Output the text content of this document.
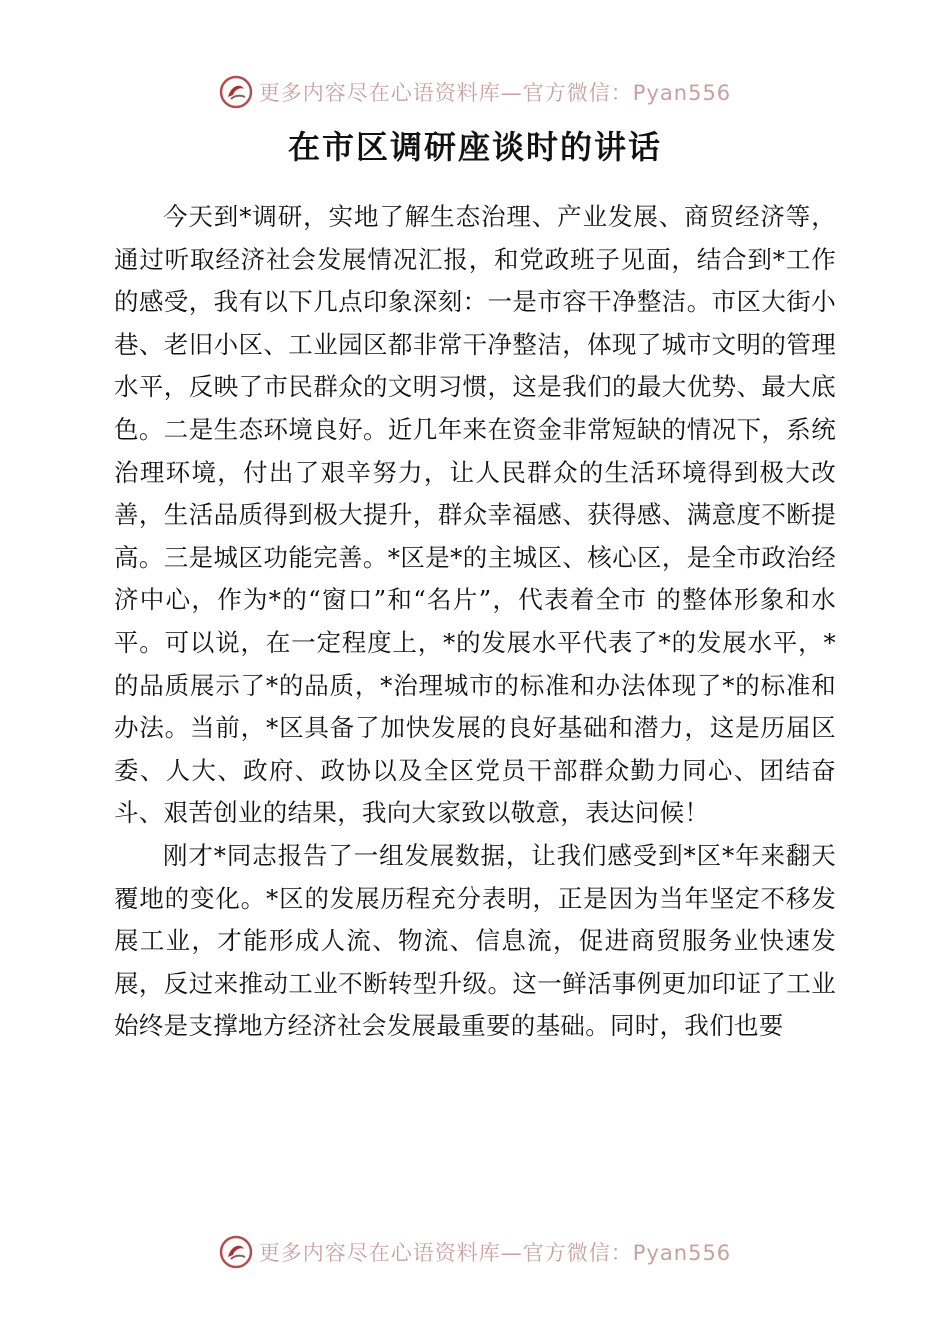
更多内容尽在心语资料库—官方微信：Pyan556
在市区调研座谈时的讲话

今天到*调研，实地了解生态治理、产业发展、商贸经济等，通过听取经济社会发展情况汇报，和党政班子见面，结合到*工作的感受，我有以下几点印象深刻：一是市容干净整洁。市区大街小巷、老旧小区、工业园区都非常干净整洁，体现了城市文明的管理水平，反映了市民群众的文明习惯，这是我们的最大优势、最大底色。二是生态环境良好。近几年来在资金非常短缺的情况下，系统治理环境，付出了艰辛努力，让人民群众的生活环境得到极大改善，生活品质得到极大提升，群众幸福感、获得感、满意度不断提高。三是城区功能完善。*区是*的主城区、核心区，是全市政治经济中心，作为*的“窗口”和“名片”，代表着全市 的整体形象和水平。可以说，在一定程度上，*的发展水平代表了*的发展水平，*的品质展示了*的品质，*治理城市的标准和办法体现了*的标准和办法。当前，*区具备了加快发展的良好基础和潜力，这是历届区委、人大、政府、政协以及全区党员干部群众勤力同心、团结奋斗、艰苦创业的结果，我向大家致以敬意，表达问候！

刚才*同志报告了一组发展数据，让我们感受到*区*年来翻天覆地的变化。*区的发展历程充分表明，正是因为当年坚定不移发展工业，才能形成人流、物流、信息流，促进商贸服务业快速发展，反过来推动工业不断转型升级。这一鲜活事例更加印证了工业始终是支撑地方经济社会发展最重要的基础。同时，我们也要

更多内容尽在心语资料库—官方微信：Pyan556
